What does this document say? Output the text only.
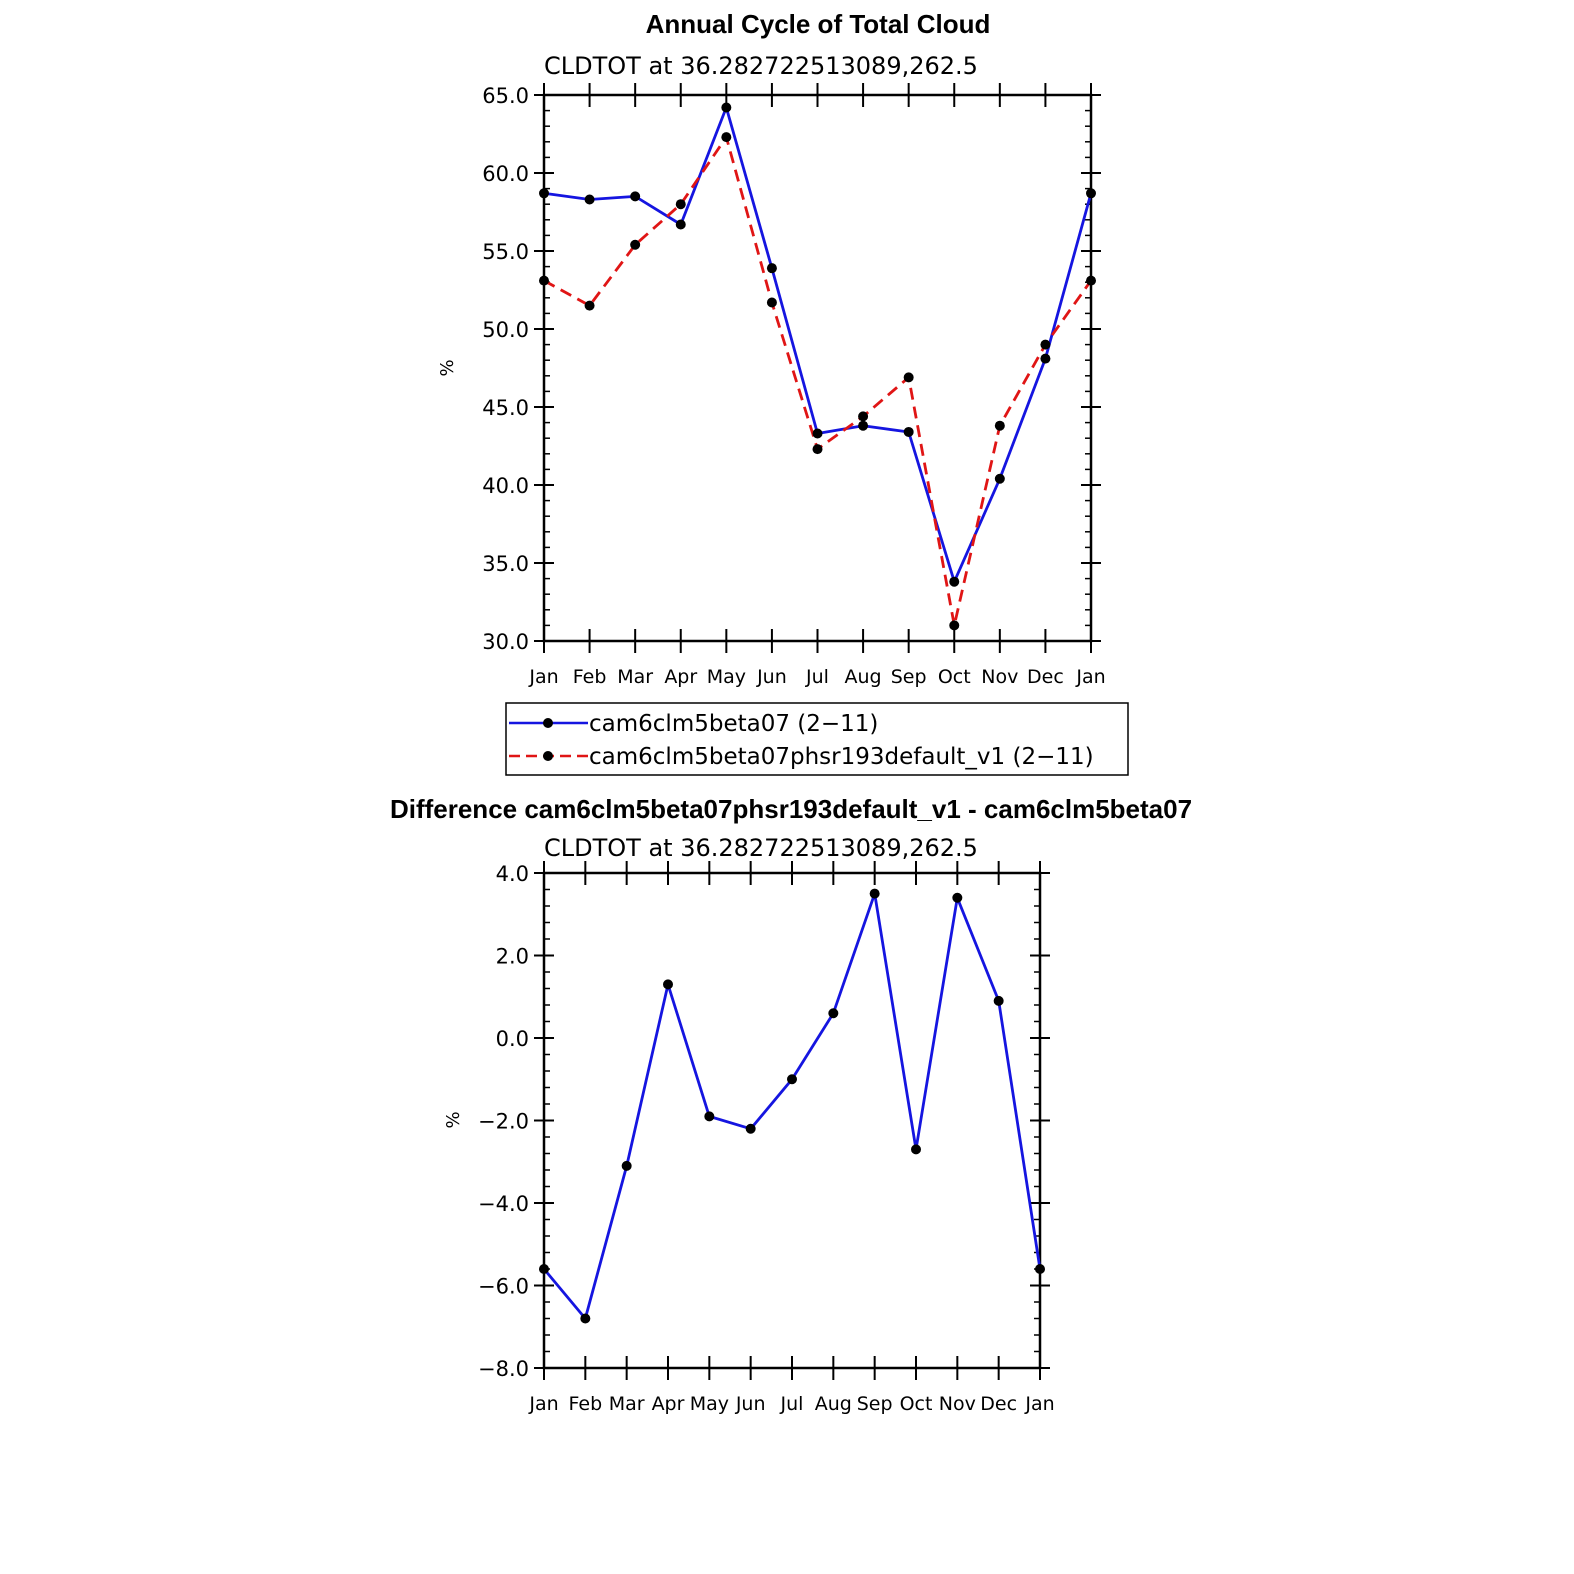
Annual Cycle of Total Cloud
CLDTOT at 36.282722513089,262.5
%
30.0
35.0
40.0
45.0
50.0
55.0
60.0
65.0
Jan Feb Mar Apr May Jun Jul Aug Sep Oct Nov Dec Jan
cam6clm5beta07 (2−11)
cam6clm5beta07phsr193default_v1 (2−11)
Difference cam6clm5beta07phsr193default_v1 - cam6clm5beta07
CLDTOT at 36.282722513089,262.5
%
−8.0
−6.0
−4.0
−2.0
0.0
2.0
4.0
Jan Feb Mar Apr May Jun Jul Aug Sep Oct Nov Dec Jan
